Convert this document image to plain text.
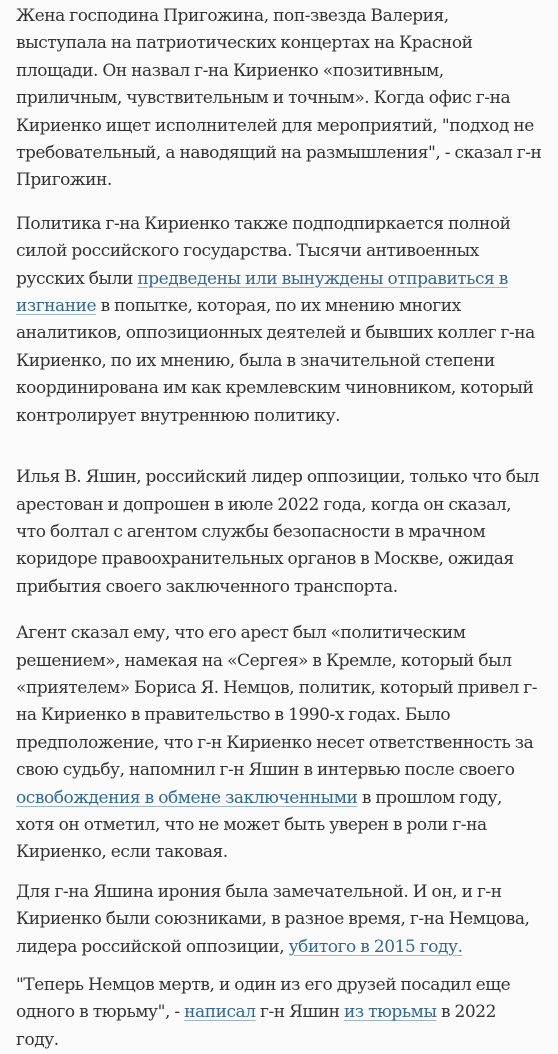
Жена господина Пригожина, поп-звезда Валерия, выступала на патриотических концертах на Красной площади. Он назвал г-на Кириенко «позитивным, приличным, чувствительным и точным». Когда офис г-на Кириенко ищет исполнителей для мероприятий, "подход не требовательный, а наводящий на размышления", - сказал г-н Пригожин.

Политика г-на Кириенко также подподпиркается полной силой российского государства. Тысячи антивоенных русских были предведены или вынуждены отправиться в изгнание в попытке, которая, по их мнению многих аналитиков, оппозиционных деятелей и бывших коллег г-на Кириенко, по их мнению, была в значительной степени координирована им как кремлевским чиновником, который контролирует внутреннюю политику.

Илья В. Яшин, российский лидер оппозиции, только что был арестован и допрошен в июле 2022 года, когда он сказал, что болтал с агентом службы безопасности в мрачном коридоре правоохранительных органов в Москве, ожидая прибытия своего заключенного транспорта.

Агент сказал ему, что его арест был «политическим решением», намекая на «Сергея» в Кремле, который был «приятелем» Бориса Я. Немцов, политик, который привел г-на Кириенко в правительство в 1990-х годах. Было предположение, что г-н Кириенко несет ответственность за свою судьбу, напомнил г-н Яшин в интервью после своего освобождения в обмене заключенными в прошлом году, хотя он отметил, что не может быть уверен в роли г-на Кириенко, если таковая.

Для г-на Яшина ирония была замечательной. И он, и г-н Кириенко были союзниками, в разное время, г-на Немцова, лидера российской оппозиции, убитого в 2015 году.

"Теперь Немцов мертв, и один из его друзей посадил еще одного в тюрьму", - написал г-н Яшин из тюрьмы в 2022 году.
